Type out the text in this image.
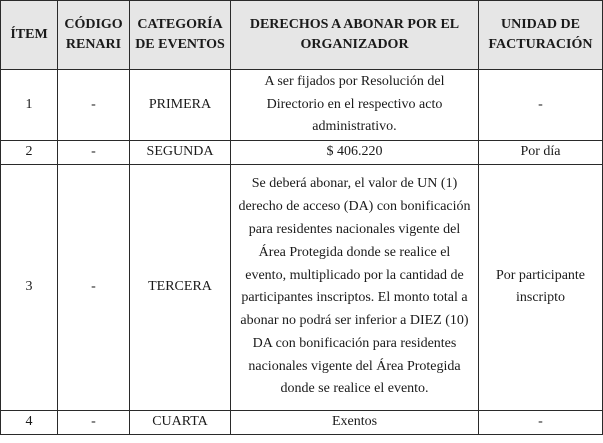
ÍTEM	CÓDIGO RENARI	CATEGORÍA DE EVENTOS	DERECHOS A ABONAR POR EL ORGANIZADOR	UNIDAD DE FACTURACIÓN
1	-	PRIMERA	A ser fijados por Resolución del Directorio en el respectivo acto administrativo.	-
2	-	SEGUNDA	$ 406.220	Por día
3	-	TERCERA	Se deberá abonar, el valor de UN (1) derecho de acceso (DA) con bonificación para residentes nacionales vigente del Área Protegida donde se realice el evento, multiplicado por la cantidad de participantes inscriptos. El monto total a abonar no podrá ser inferior a DIEZ (10) DA con bonificación para residentes nacionales vigente del Área Protegida donde se realice el evento.	Por participante inscripto
4	-	CUARTA	Exentos	-
